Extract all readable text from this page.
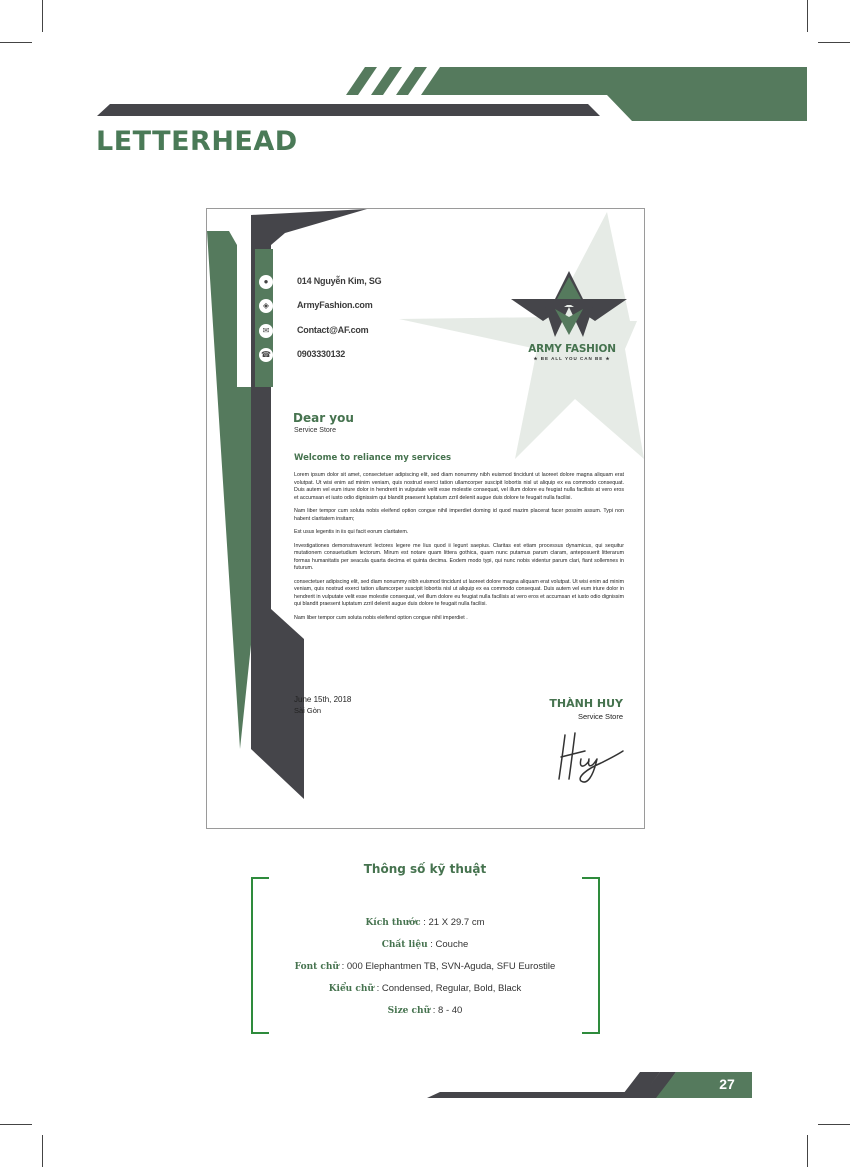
LETTERHEAD
●	014 Nguyễn Kim, SG
◈	ArmyFashion.com
✉	Contact@AF.com
☎	0903330132	ARMY FASHION
★ BE ALL YOU CAN BE ★
Dear you
Service Store
Welcome to reliance my services

Lorem ipsum dolor sit amet, consectetuer adipiscing elit, sed diam nonummy nibh euismod tincidunt ut laoreet dolore magna aliquam erat volutpat. Ut wisi enim ad minim veniam, quis nostrud exerci tation ullamcorper suscipit lobortis nisl ut aliquip ex ea commodo consequat. Duis autem vel eum iriure dolor in hendrerit in vulputate velit esse molestie consequat, vel illum dolore eu feugiat nulla facilisis at vero eros et accumsan et iusto odio dignissim qui blandit praesent luptatum zzril delenit augue duis dolore te feugait nulla facilisi.

Nam liber tempor cum soluta nobis eleifend option congue nihil imperdiet doming id quod mazim placerat facer possim assum. Typi non habent claritatem insitam;

Est usus legentis in iis qui facit eorum claritatem.

Investigationes demonstraverunt lectores legere me lius quod ii legunt saepius. Claritas est etiam processus dynamicus, qui sequitur mutationem consuetudium lectorum. Mirum est notare quam littera gothica, quam nunc putamus parum claram, anteposuerit litterarum formas humanitatis per seacula quarta decima et quinta decima. Eodem modo typi, qui nunc nobis videntur parum clari, fiant sollemnes in futurum.

consectetuer adipiscing elit, sed diam nonummy nibh euismod tincidunt ut laoreet dolore magna aliquam erat volutpat. Ut wisi enim ad minim veniam, quis nostrud exerci tation ullamcorper suscipit lobortis nisl ut aliquip ex ea commodo consequat. Duis autem vel eum iriure dolor in hendrerit in vulputate velit esse molestie consequat, vel illum dolore eu feugiat nulla facilisis at vero eros et accumsan et iusto odio dignissim qui blandit praesent luptatum zzril delenit augue duis dolore te feugait nulla facilisi.

Nam liber tempor cum soluta nobis eleifend option congue nihil imperdiet .

June 15th, 2018
Sài Gòn
THÀNH HUY
Service Store
Thông số kỹ thuật
Kích thước : 21 X 29.7 cm
Chất liệu : Couche
Font chữ : 000 Elephantmen TB, SVN-Aguda, SFU Eurostile
Kiểu chữ : Condensed, Regular, Bold, Black
Size chữ : 8 - 40
27
